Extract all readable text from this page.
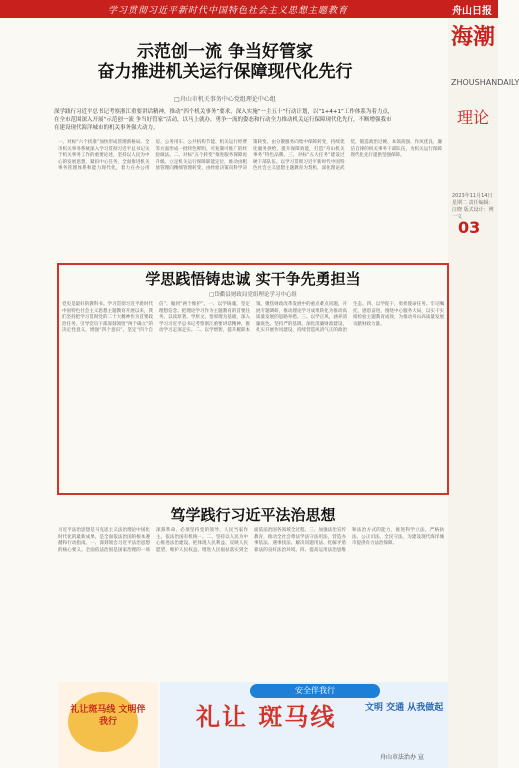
学习贯彻习近平新时代中国特色社会主义思想主题教育	舟山日报
海潮
ZHOUSHANDAILY
理论
2023年11月14日 星期二 责任编辑：汪晓 版式设计：傅一文
03
示范创一流 争当好管家
奋力推进机关运行保障现代化先行
□舟山市机关事务中心党组理论中心组
深学践行习近平总书记考察浙江重要讲话精神，推动“四个机关事务”要求，深入实施“一主五十”行动计划，以“1+4+1”工作体系为着力点，在全市范围深入开展“示范创一流 争当好管家”活动，以马上就办，勇争一流的姿态和行动全力推动机关运行保障现代化先行，不断增强我市在建设现代海洋城市的机关事务强大动力。
一、对标“六个找准”加快形成管理新格局。全市机关事务系统深入学习贯彻习近平总书记关于机关事务工作的重要论述，坚持以人民为中心的发展思想，紧扣中心任务，全面推进机关事务管理体系和能力现代化，着力在办公用房、公务用车、公共机构节能、机关运行经费等方面形成一批特色鲜明、可复制可推广的经验做法。二、对标“五个转变”推进服务保障再升级。立足机关运行保障职能定位，推动由粗放管理向精细管理转变、由经验决策向科学决策转变、由分散服务向集中保障转变，持续优化服务供给，提升保障效能，打造“舟山机关事务”特色品牌。三、对标“五大任务”建设过硬干部队伍。以学习贯彻习近平新时代中国特色社会主义思想主题教育为契机，深化理论武装，锻造政治过硬、本领高强、作风优良、廉洁自律的机关事务干部队伍，为机关运行保障现代化先行提供坚强保障。
学思践悟铸忠诚 实干争先勇担当
□岱衢县财政局党组理论学习中心组
党史是最好的教科书。学习贯彻习近平新时代中国特色社会主义思想主题教育开展以来，我们坚持把学习贯彻党的二十大精神作为首要政治任务，引导党员干部深刻领悟“两个确立”的决定性意义，增强“四个意识”、坚定“四个自信”、做到“两个维护”。一、以学铸魂，坚定理想信念。把理论学习作为主题教育的首要任务，以读原著、学原文、悟原理为基础，深入学习习近平总书记考察浙江重要讲话精神，推动学习走深走实。二、以学增智，提升履职本领。聚焦财政改革发展中的重点难点问题，开展专题调研，推动理论学习成果转化为推动高质量发展的思路举措。三、以学正风，涵养清廉底色。坚持严的基调，深化清廉财政建设，扎实开展作风建设，持续营造风清气正的政治生态。四、以学促干，勇担使命任务。牢记嘱托，感恩奋进，围绕中心服务大局，以实干实绩检验主题教育成效，为推动舟山高质量发展贡献财政力量。
笃学践行习近平法治思想
习近平法治思想是马克思主义法治理论中国化时代化的最新成果，是全面依法治国的根本遵循和行动指南。一、深刻领会习近平法治思想的核心要义。全面依法治国是国家治理的一场深刻革命，必须坚持党的领导、人民当家作主、依法治国有机统一。二、坚持以人民为中心推进法治建设。把体现人民利益、反映人民愿望、维护人民权益、增进人民福祉落实到全面依法治国各领域全过程。三、加强法治宣传教育，推动全社会尊法学法守法用法，营造办事依法、遇事找法、解决问题用法、化解矛盾靠法的良好法治环境。四、提高运用法治思维和法治方式的能力，推进科学立法、严格执法、公正司法、全民守法，为建设现代海洋城市提供有力法治保障。
礼让斑马线 文明伴我行
安全伴我行
礼让 斑马线	文明 交通 从我做起
舟山市法治办 宣
